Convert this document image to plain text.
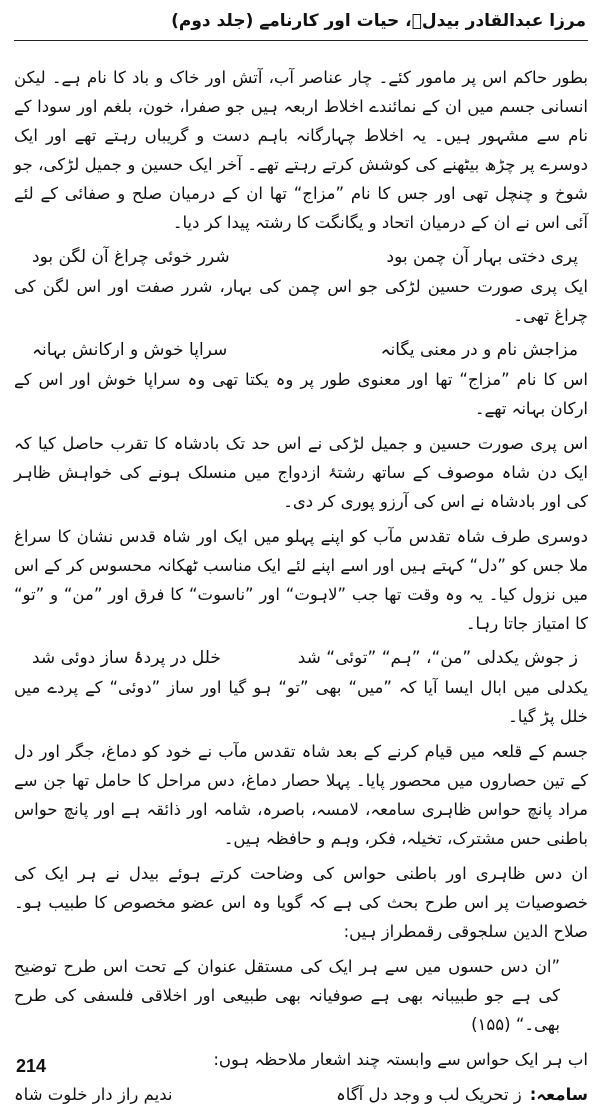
مرزا عبدالقادر بیدلؔ، حیات اور کارنامے (جلد دوم)

بطور حاکم اس پر مامور کئے۔ چار عناصر آب، آتش اور خاک و باد کا نام ہے۔ لیکن انسانی جسم میں ان کے نمائندے اخلاط اربعہ ہیں جو صفرا، خون، بلغم اور سودا کے نام سے مشہور ہیں۔ یہ اخلاط چہارگانہ باہم دست و گریباں رہتے تھے اور ایک دوسرے پر چڑھ بیٹھنے کی کوشش کرتے رہتے تھے۔ آخر ایک حسین و جمیل لڑکی، جو شوخ و چنچل تھی اور جس کا نام ”مزاج“ تھا ان کے درمیان صلح و صفائی کے لئے آئی اس نے ان کے درمیان اتحاد و یگانگت کا رشتہ پیدا کر دیا۔

پری دختی بہار آن چمن بود
شرر خوئی چراغ آن لگن بود

ایک پری صورت حسین لڑکی جو اس چمن کی بہار، شرر صفت اور اس لگن کی چراغ تھی۔

مزاجش نام و در معنی یگانہ
سراپا خوش و ارکانش بہانہ

اس کا نام ”مزاج“ تھا اور معنوی طور پر وہ یکتا تھی وہ سراپا خوش اور اس کے ارکان بہانہ تھے۔

اس پری صورت حسین و جمیل لڑکی نے اس حد تک بادشاہ کا تقرب حاصل کیا کہ ایک دن شاہ موصوف کے ساتھ رشتۂ ازدواج میں منسلک ہونے کی خواہش ظاہر کی اور بادشاہ نے اس کی آرزو پوری کر دی۔

دوسری طرف شاہ تقدس مآب کو اپنے پہلو میں ایک اور شاہ قدس نشان کا سراغ ملا جس کو ”دل“ کہتے ہیں اور اسے اپنے لئے ایک مناسب ٹھکانہ محسوس کر کے اس میں نزول کیا۔ یہ وہ وقت تھا جب ”لاہوت“ اور ”ناسوت“ کا فرق اور ”من“ و ”تو“ کا امتیاز جاتا رہا۔

ز جوش یکدلی ”من“، ”ہم“ ”توئی“ شد
خلل در پردۂ ساز دوئی شد

یکدلی میں ابال ایسا آیا کہ ”میں“ بھی ”تو“ ہو گیا اور ساز ”دوئی“ کے پردے میں خلل پڑ گیا۔

جسم کے قلعہ میں قیام کرنے کے بعد شاہ تقدس مآب نے خود کو دماغ، جگر اور دل کے تین حصاروں میں محصور پایا۔ پہلا حصار دماغ، دس مراحل کا حامل تھا جن سے مراد پانچ حواس ظاہری سامعہ، لامسہ، باصرہ، شامہ اور ذائقہ ہے اور پانچ حواس باطنی حس مشترک، تخیلہ، فکر، وہم و حافظہ ہیں۔

ان دس ظاہری اور باطنی حواس کی وضاحت کرتے ہوئے بیدل نے ہر ایک کی خصوصیات پر اس طرح بحث کی ہے کہ گویا وہ اس عضو مخصوص کا طبیب ہو۔ صلاح الدین سلجوقی رقمطراز ہیں:

”ان دس حسوں میں سے ہر ایک کی مستقل عنوان کے تحت اس طرح توضیح کی ہے جو طبیبانہ بھی ہے صوفیانہ بھی طبیعی اور اخلاقی فلسفی کی طرح بھی۔“ (۱۵۵)

اب ہر ایک حواس سے وابستہ چند اشعار ملاحظہ ہوں:

سامعہ:ز تحریک لب و وجد دل آگاہ
ندیم راز دار خلوت شاہ
214
